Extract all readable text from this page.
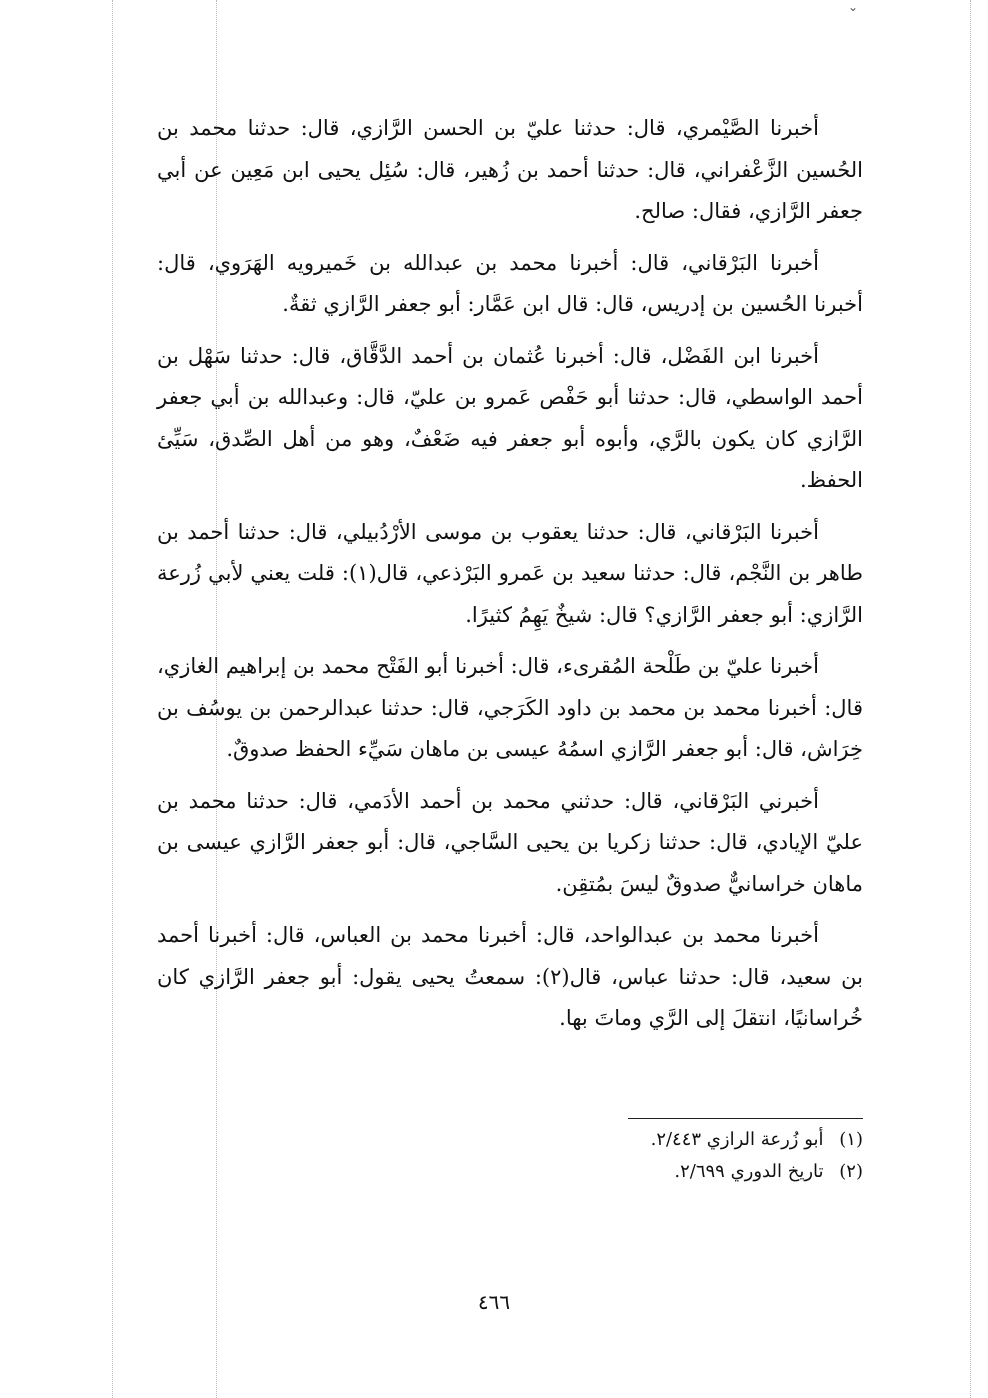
⌄

أخبرنا الصَّيْمري، قال: حدثنا عليّ بن الحسن الرَّازي، قال: حدثنا محمد بن الحُسين الزَّعْفراني، قال: حدثنا أحمد بن زُهير، قال: سُئِل يحيى ابن مَعِين عن أبي جعفر الرَّازي، فقال: صالح.

أخبرنا البَرْقاني، قال: أخبرنا محمد بن عبدالله بن خَميرويه الهَرَوي، قال: أخبرنا الحُسين بن إدريس، قال: قال ابن عَمَّار: أبو جعفر الرَّازي ثقةٌ.

أخبرنا ابن الفَضْل، قال: أخبرنا عُثمان بن أحمد الدَّقَّاق، قال: حدثنا سَهْل بن أحمد الواسطي، قال: حدثنا أبو حَفْص عَمرو بن عليّ، قال: وعبدالله بن أبي جعفر الرَّازي كان يكون بالرَّي، وأبوه أبو جعفر فيه ضَعْفٌ، وهو من أهل الصِّدق، سَيِّئ الحفظ.

أخبرنا البَرْقاني، قال: حدثنا يعقوب بن موسى الأرْدُبيلي، قال: حدثنا أحمد بن طاهر بن النَّجْم، قال: حدثنا سعيد بن عَمرو البَرْذعي، قال(١): قلت يعني لأبي زُرعة الرَّازي: أبو جعفر الرَّازي؟ قال: شيخٌ يَهِمُ كثيرًا.

أخبرنا عليّ بن طَلْحة المُقرىء، قال: أخبرنا أبو الفَتْح محمد بن إبراهيم الغازي، قال: أخبرنا محمد بن محمد بن داود الكَرَجي، قال: حدثنا عبدالرحمن بن يوسُف بن خِرَاش، قال: أبو جعفر الرَّازي اسمُهُ عيسى بن ماهان سَيِّء الحفظ صدوقٌ.

أخبرني البَرْقاني، قال: حدثني محمد بن أحمد الأدَمي، قال: حدثنا محمد بن عليّ الإيادي، قال: حدثنا زكريا بن يحيى السَّاجي، قال: أبو جعفر الرَّازي عيسى بن ماهان خراسانيٌّ صدوقٌ ليسَ بمُتقِن.

أخبرنا محمد بن عبدالواحد، قال: أخبرنا محمد بن العباس، قال: أخبرنا أحمد بن سعيد، قال: حدثنا عباس، قال(٢): سمعتُ يحيى يقول: أبو جعفر الرَّازي كان خُراسانيًا، انتقلَ إلى الرَّي وماتَ بها.

(١) أبو زُرعة الرازي ٢/٤٤٣.
(٢) تاريخ الدوري ٢/٦٩٩.
٤٦٦
